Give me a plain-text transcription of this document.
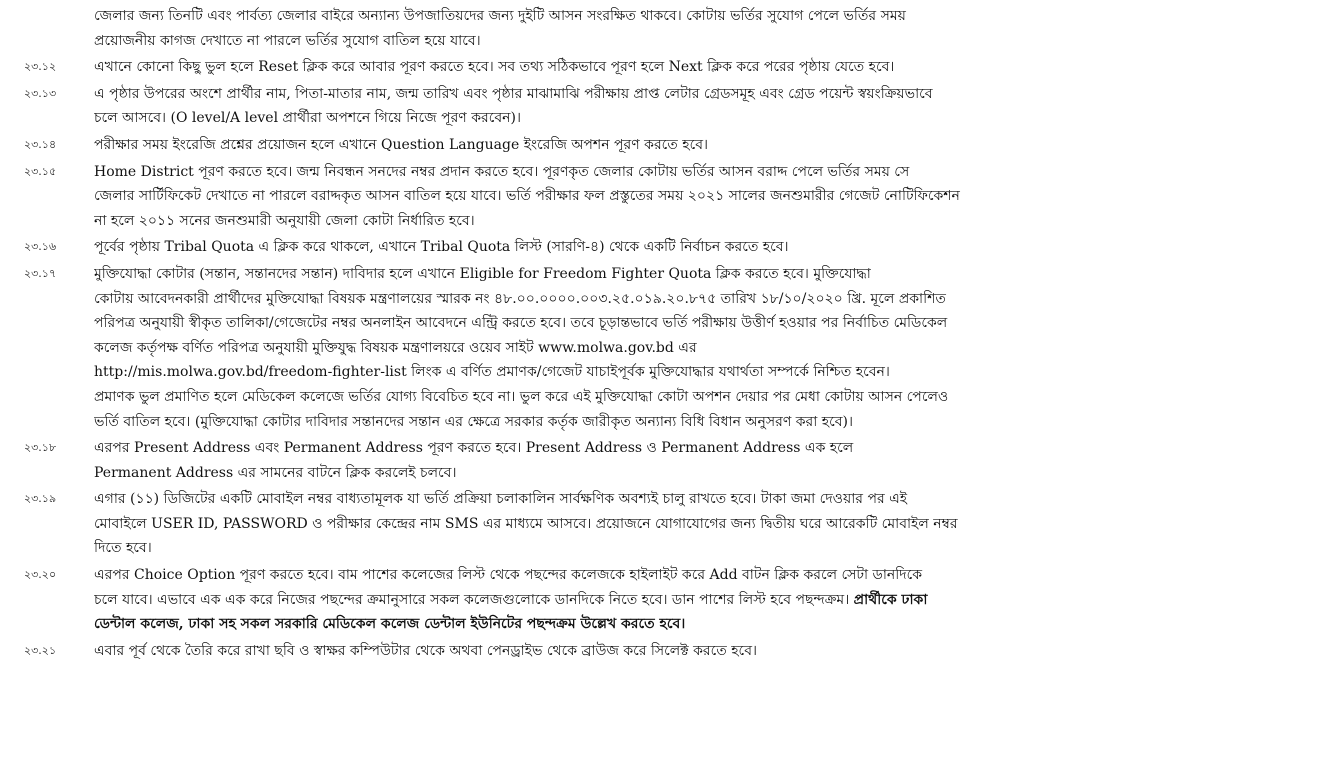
জেলার জন্য তিনটি এবং পার্বত্য জেলার বাইরে অন্যান্য উপজাতিয়দের জন্য দুইটি আসন সংরক্ষিত থাকবে। কোটায় ভর্তির সুযোগ পেলে ভর্তির সময়
প্রয়োজনীয় কাগজ দেখাতে না পারলে ভর্তির সুযোগ বাতিল হয়ে যাবে।
২৩.১২	এখানে কোনো কিছু ভুল হলে Reset ক্লিক করে আবার পূরণ করতে হবে। সব তথ্য সঠিকভাবে পূরণ হলে Next ক্লিক করে পরের পৃষ্ঠায় যেতে হবে।
২৩.১৩	এ পৃষ্ঠার উপরের অংশে প্রার্থীর নাম, পিতা-মাতার নাম, জন্ম তারিখ এবং পৃষ্ঠার মাঝামাঝি পরীক্ষায় প্রাপ্ত লেটার গ্রেডসমূহ এবং গ্রেড পয়েন্ট স্বয়ংক্রিয়ভাবে
চলে আসবে। (O level/A level প্রার্থীরা অপশনে গিয়ে নিজে পূরণ করবেন)।
২৩.১৪	পরীক্ষার সময় ইংরেজি প্রশ্নের প্রয়োজন হলে এখানে Question Language ইংরেজি অপশন পূরণ করতে হবে।
২৩.১৫	Home District পূরণ করতে হবে। জন্ম নিবন্ধন সনদের নম্বর প্রদান করতে হবে। পূরণকৃত জেলার কোটায় ভর্তির আসন বরাদ্দ পেলে ভর্তির সময় সে
জেলার সার্টিফিকেট দেখাতে না পারলে বরাদ্দকৃত আসন বাতিল হয়ে যাবে। ভর্তি পরীক্ষার ফল প্রস্তুতের সময় ২০২১ সালের জনশুমারীর গেজেট নোটিফিকেশন
না হলে ২০১১ সনের জনশুমারী অনুযায়ী জেলা কোটা নির্ধারিত হবে।
২৩.১৬	পূর্বের পৃষ্ঠায় Tribal Quota এ ক্লিক করে থাকলে, এখানে Tribal Quota লিস্ট (সারণি-৪) থেকে একটি নির্বাচন করতে হবে।
২৩.১৭	মুক্তিযোদ্ধা কোটার (সন্তান, সন্তানদের সন্তান) দাবিদার হলে এখানে Eligible for Freedom Fighter Quota ক্লিক করতে হবে। মুক্তিযোদ্ধা
কোটায় আবেদনকারী প্রার্থীদের মুক্তিযোদ্ধা বিষয়ক মন্ত্রণালয়ের স্মারক নং ৪৮.০০.০০০০.০০৩.২৫.০১৯.২০.৮৭৫ তারিখ ১৮/১০/২০২০ খ্রি. মূলে প্রকাশিত
পরিপত্র অনুযায়ী স্বীকৃত তালিকা/গেজেটের নম্বর অনলাইন আবেদনে এন্ট্রি করতে হবে। তবে চূড়ান্তভাবে ভর্তি পরীক্ষায় উত্তীর্ণ হওয়ার পর নির্বাচিত মেডিকেল
কলেজ কর্তৃপক্ষ বর্ণিত পরিপত্র অনুযায়ী মুক্তিযুদ্ধ বিষয়ক মন্ত্রণালয়রে ওয়েব সাইট www.molwa.gov.bd এর
http://mis.molwa.gov.bd/freedom-fighter-list লিংক এ বর্ণিত প্রমাণক/গেজেট যাচাইপূর্বক মুক্তিযোদ্ধার যথার্থতা সম্পর্কে নিশ্চিত হবেন।
প্রমাণক ভুল প্রমাণিত হলে মেডিকেল কলেজে ভর্তির যোগ্য বিবেচিত হবে না। ভুল করে এই মুক্তিযোদ্ধা কোটা অপশন দেয়ার পর মেধা কোটায় আসন পেলেও
ভর্তি বাতিল হবে। (মুক্তিযোদ্ধা কোটার দাবিদার সন্তানদের সন্তান এর ক্ষেত্রে সরকার কর্তৃক জারীকৃত অন্যান্য বিধি বিধান অনুসরণ করা হবে)।
২৩.১৮	এরপর Present Address এবং Permanent Address পূরণ করতে হবে। Present Address ও Permanent Address এক হলে
Permanent Address এর সামনের বাটনে ক্লিক করলেই চলবে।
২৩.১৯	এগার (১১) ডিজিটের একটি মোবাইল নম্বর বাধ্যতামূলক যা ভর্তি প্রক্রিয়া চলাকালিন সার্বক্ষণিক অবশ্যই চালু রাখতে হবে। টাকা জমা দেওয়ার পর এই
মোবাইলে USER ID, PASSWORD ও পরীক্ষার কেন্দ্রের নাম SMS এর মাধ্যমে আসবে। প্রয়োজনে যোগাযোগের জন্য দ্বিতীয় ঘরে আরেকটি মোবাইল নম্বর
দিতে হবে।
২৩.২০	এরপর Choice Option পূরণ করতে হবে। বাম পাশের কলেজের লিস্ট থেকে পছন্দের কলেজকে হাইলাইট করে Add বাটন ক্লিক করলে সেটা ডানদিকে
চলে যাবে। এভাবে এক এক করে নিজের পছন্দের ক্রমানুসারে সকল কলেজগুলোকে ডানদিকে নিতে হবে। ডান পাশের লিস্ট হবে পছন্দক্রম। প্রার্থীকে ঢাকা
ডেন্টাল কলেজ, ঢাকা সহ সকল সরকারি মেডিকেল কলেজ ডেন্টাল ইউনিটের পছন্দক্রম উল্লেখ করতে হবে।
২৩.২১	এবার পূর্ব থেকে তৈরি করে রাখা ছবি ও স্বাক্ষর কম্পিউটার থেকে অথবা পেনড্রাইভ থেকে ব্রাউজ করে সিলেক্ট করতে হবে।
